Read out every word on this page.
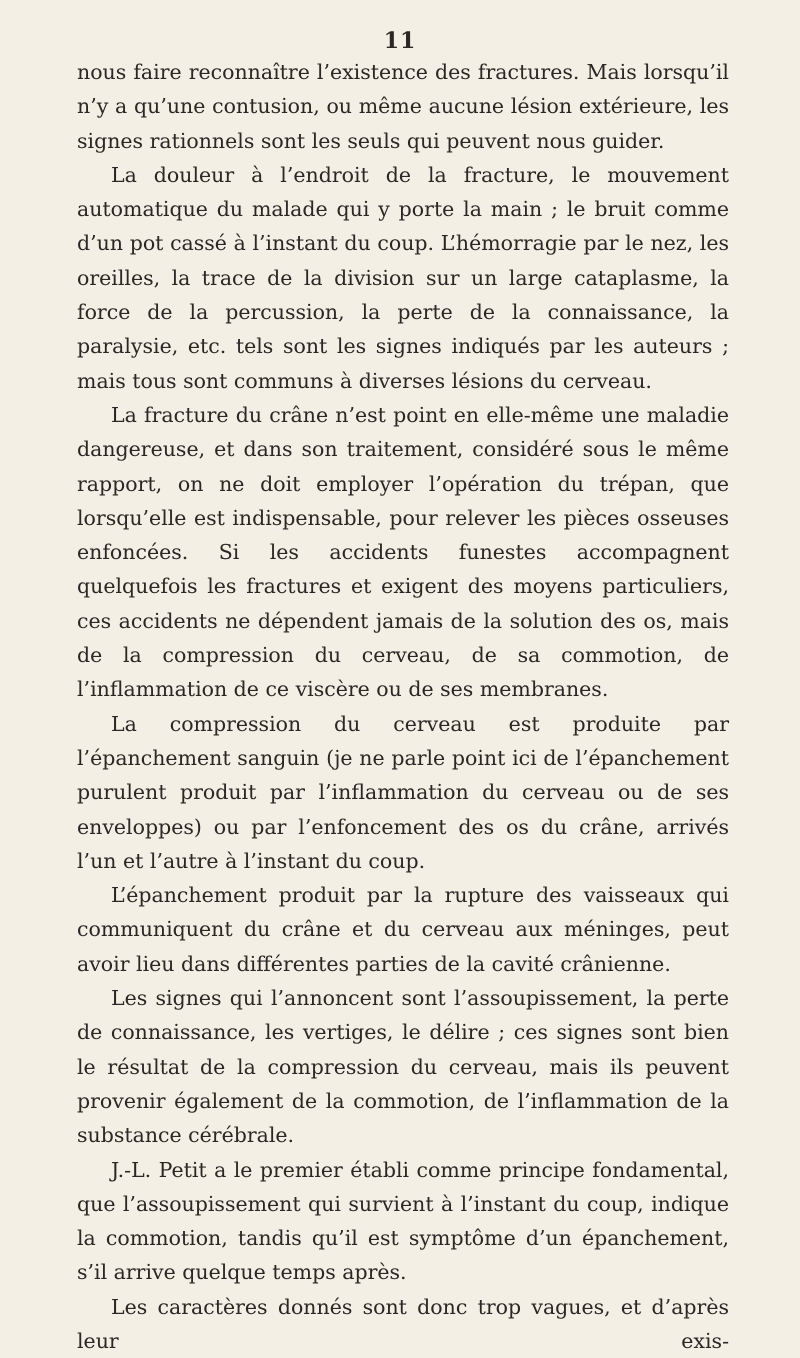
11

nous faire reconnaître l’existence des fractures. Mais lorsqu’il n’y a qu’une contusion, ou même aucune lésion extérieure, les signes rationnels sont les seuls qui peuvent nous guider.

La douleur à l’endroit de la fracture, le mouvement automatique du malade qui y porte la main ; le bruit comme d’un pot cassé à l’instant du coup. L’hémorragie par le nez, les oreilles, la trace de la division sur un large cataplasme, la force de la percussion, la perte de la connaissance, la paralysie, etc. tels sont les signes indiqués par les auteurs ; mais tous sont communs à diverses lésions du cerveau.

La fracture du crâne n’est point en elle-même une maladie dangereuse, et dans son traitement, considéré sous le même rapport, on ne doit employer l’opération du trépan, que lorsqu’elle est indispensable, pour relever les pièces osseuses enfoncées. Si les accidents funestes accompagnent quelquefois les fractures et exigent des moyens particuliers, ces accidents ne dépendent jamais de la solution des os, mais de la compression du cerveau, de sa commotion, de l’inflammation de ce viscère ou de ses membranes.

La compression du cerveau est produite par l’épanchement sanguin (je ne parle point ici de l’épanchement purulent produit par l’inflammation du cerveau ou de ses enveloppes) ou par l’enfoncement des os du crâne, arrivés l’un et l’autre à l’instant du coup.

L’épanchement produit par la rupture des vaisseaux qui communiquent du crâne et du cerveau aux méninges, peut avoir lieu dans différentes parties de la cavité crânienne.

Les signes qui l’annoncent sont l’assoupissement, la perte de connaissance, les vertiges, le délire ; ces signes sont bien le résultat de la compression du cerveau, mais ils peuvent provenir également de la commotion, de l’inflammation de la substance cérébrale.

J.-L. Petit a le premier établi comme principe fondamental, que l’assoupissement qui survient à l’instant du coup, indique la commotion, tandis qu’il est symptôme d’un épanchement, s’il arrive quelque temps après.

Les caractères donnés sont donc trop vagues, et d’après leur exis-
